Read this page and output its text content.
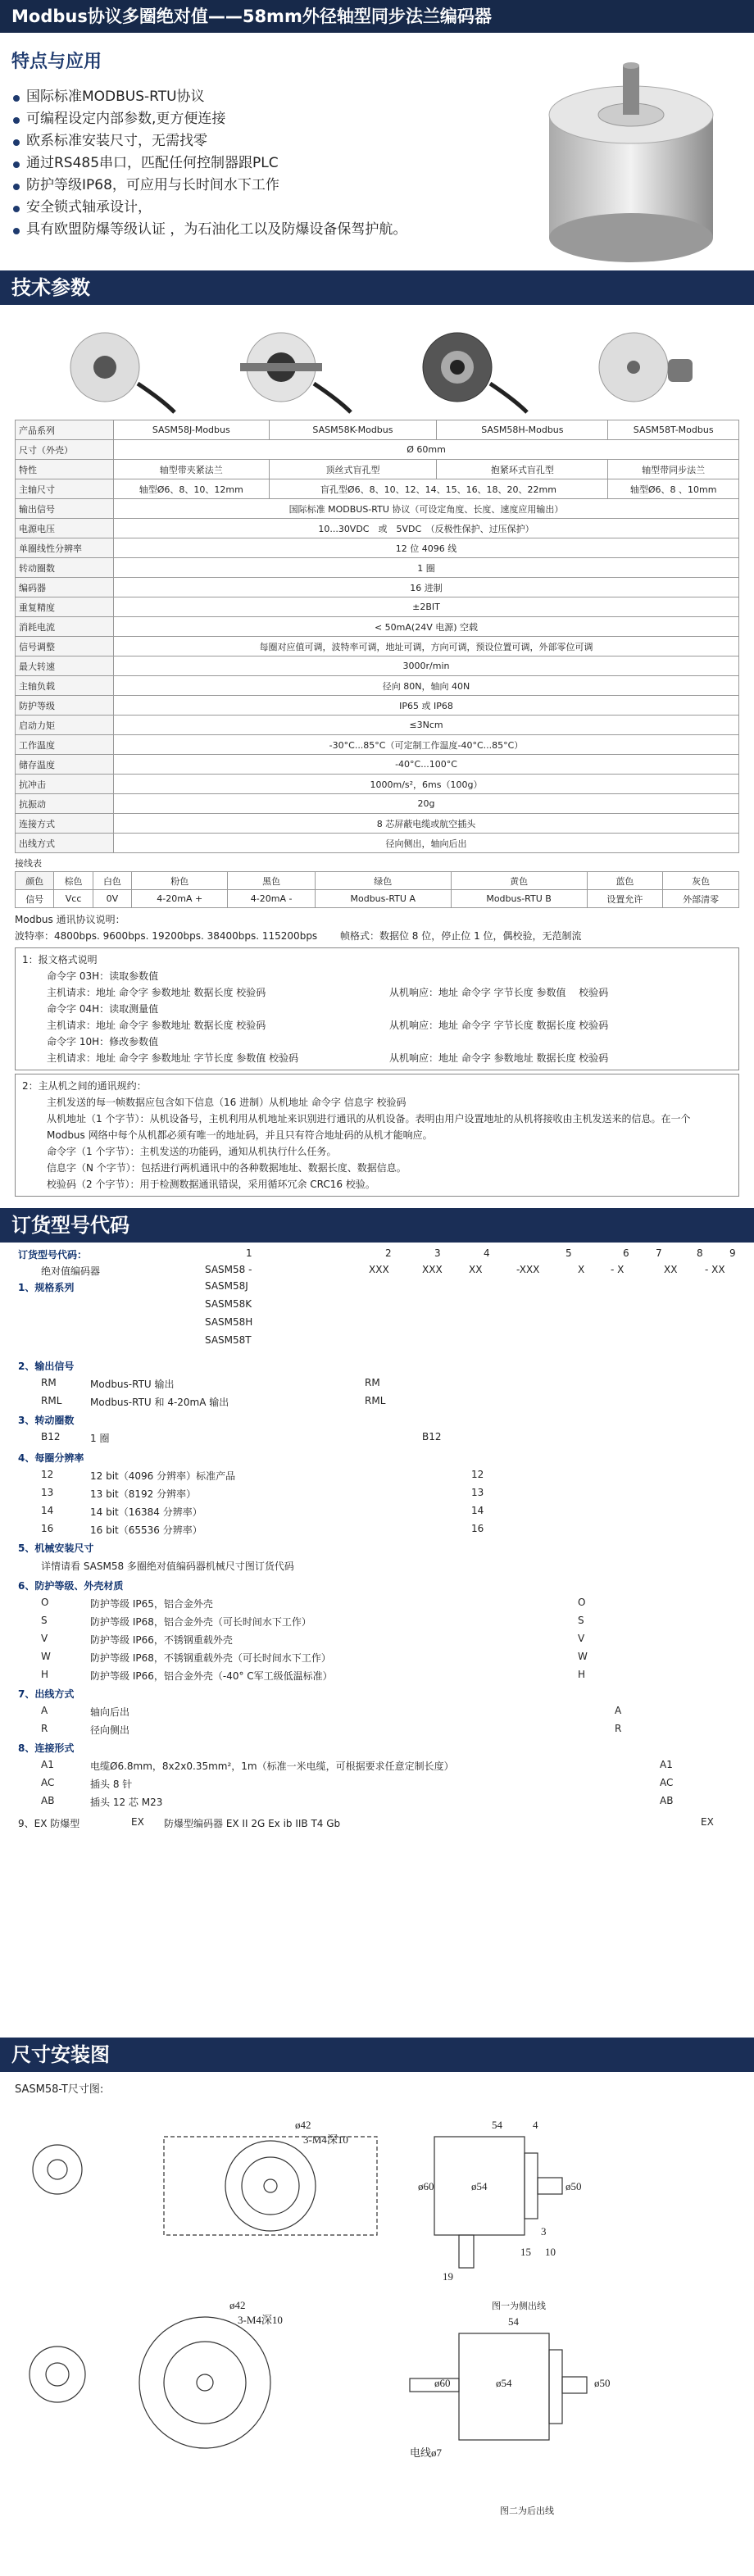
Modbus协议多圈绝对值——58mm外径轴型同步法兰编码器
特点与应用
国际标准MODBUS-RTU协议
可编程设定内部参数,更方便连接
欧系标准安装尺寸，无需找零
通过RS485串口，匹配任何控制器跟PLC
防护等级IP68，可应用与长时间水下工作
安全锁式轴承设计，
具有欧盟防爆等级认证 ，为石油化工以及防爆设备保驾护航。
技术参数
产品系列	SASM58J-Modbus	SASM58K-Modbus	SASM58H-Modbus	SASM58T-Modbus
尺寸（外壳）	Ø 60mm			
特性	轴型带夹紧法兰	顶丝式盲孔型	抱紧环式盲孔型	轴型带同步法兰
主轴尺寸	轴型Ø6、8、10、12mm	盲孔型Ø6、8、10、12、14、15、16、18、20、22mm		轴型Ø6、8 、10mm
输出信号	国际标准 MODBUS-RTU 协议（可设定角度、长度、速度应用输出）			
电源电压	10...30VDC　或　5VDC　（反极性保护、过压保护）			
单圈线性分辨率	12 位 4096 线			
转动圈数	1 圈			
编码器	16 进制			
重复精度	±2BIT			
消耗电流	< 50mA(24V 电源) 空载			
信号调整	每圈对应值可调，波特率可调，地址可调，方向可调，预设位置可调，外部零位可调			
最大转速	3000r/min			
主轴负载	径向 80N，轴向 40N			
防护等级	IP65 或 IP68			
启动力矩	≤3Ncm			
工作温度	-30°C...85°C（可定制工作温度-40°C...85°C）			
储存温度	-40°C...100°C			
抗冲击	1000m/s²，6ms（100g）			
抗振动	20g			
连接方式	8 芯屏蔽电缆或航空插头			
出线方式	径向侧出，轴向后出			
接线表
颜色	棕色	白色	粉色	黑色	绿色	黄色	蓝色	灰色
信号	Vcc	0V	4-20mA +	4-20mA -	Modbus-RTU A	Modbus-RTU B	设置允许	外部清零
Modbus 通讯协议说明：
波特率：4800bps. 9600bps. 19200bps. 38400bps. 115200bps　　 帧格式：数据位 8 位，停止位 1 位，偶校验，无范制流
1：报文格式说明
命令字 03H：读取参数值
主机请求：地址 命令字 参数地址 数据长度 校验码	从机响应：地址 命令字 字节长度 参数值　 校验码
命令字 04H：读取测量值
主机请求：地址 命令字 参数地址 数据长度 校验码	从机响应：地址 命令字 字节长度 数据长度 校验码
命令字 10H：修改参数值
主机请求：地址 命令字 参数地址 字节长度 参数值 校验码	从机响应：地址 命令字 参数地址 数据长度 校验码
2：主从机之间的通讯规约：
主机发送的每一帧数据应包含如下信息（16 进制）从机地址 命令字 信息字 校验码
从机地址（1 个字节）：从机设备号，主机利用从机地址来识别进行通讯的从机设备。表明由用户设置地址的从机将接收由主机发送来的信息。在一个 Modbus 网络中每个从机都必须有唯一的地址码，并且只有符合地址码的从机才能响应。
命令字（1 个字节）：主机发送的功能码，通知从机执行什么任务。
信息字（N 个字节）：包括进行两机通讯中的各种数据地址、数据长度、数据信息。
校验码（2 个字节）：用于检测数据通讯错误，采用循环冗余 CRC16 校验。
订货型号代码
订货型号代码：	1	2	3	4	5	6	7	8	9
绝对值编码器	SASM58 -	XXX	XXX	XX	-XXX	X	- X	XX	- XX
1、规格系列	SASM58J
SASM58K
SASM58H
SASM58T
2、输出信号
RM	Modbus-RTU 输出	RM
RML	Modbus-RTU 和 4-20mA 输出	RML
3、转动圈数
B12	1 圈	B12
4、每圈分辨率
12	12 bit（4096 分辨率）标准产品	12
13	13 bit（8192 分辨率）	13
14	14 bit（16384 分辨率）	14
16	16 bit（65536 分辨率）	16
5、机械安装尺寸
详情请看 SASM58 多圈绝对值编码器机械尺寸图订货代码
6、防护等级、外壳材质
O	防护等级 IP65，铝合金外壳	O
S	防护等级 IP68，铝合金外壳（可长时间水下工作）	S
V	防护等级 IP66，不锈钢重载外壳	V
W	防护等级 IP68，不锈钢重载外壳（可长时间水下工作）	W
H	防护等级 IP66，铝合金外壳（-40° C军工级低温标准）	H
7、出线方式
A	轴向后出	A
R	径向侧出	R
8、连接形式
A1	电缆Ø6.8mm，8x2x0.35mm²，1m（标准一米电缆，可根据要求任意定制长度）	A1
AC	插头 8 针	AC
AB	插头 12 芯 M23	AB
9、EX 防爆型	EX 防爆型编码器 EX II 2G Ex ib IIB T4 Gb	EX
尺寸安装图
SASM58-T尺寸图:
ø42
3-M4深10
54	4
ø60	ø54	ø50
15 10
19
3
图一为侧出线
ø42
3-M4深10	54
ø60	ø54	ø50
电线ø7
图二为后出线
